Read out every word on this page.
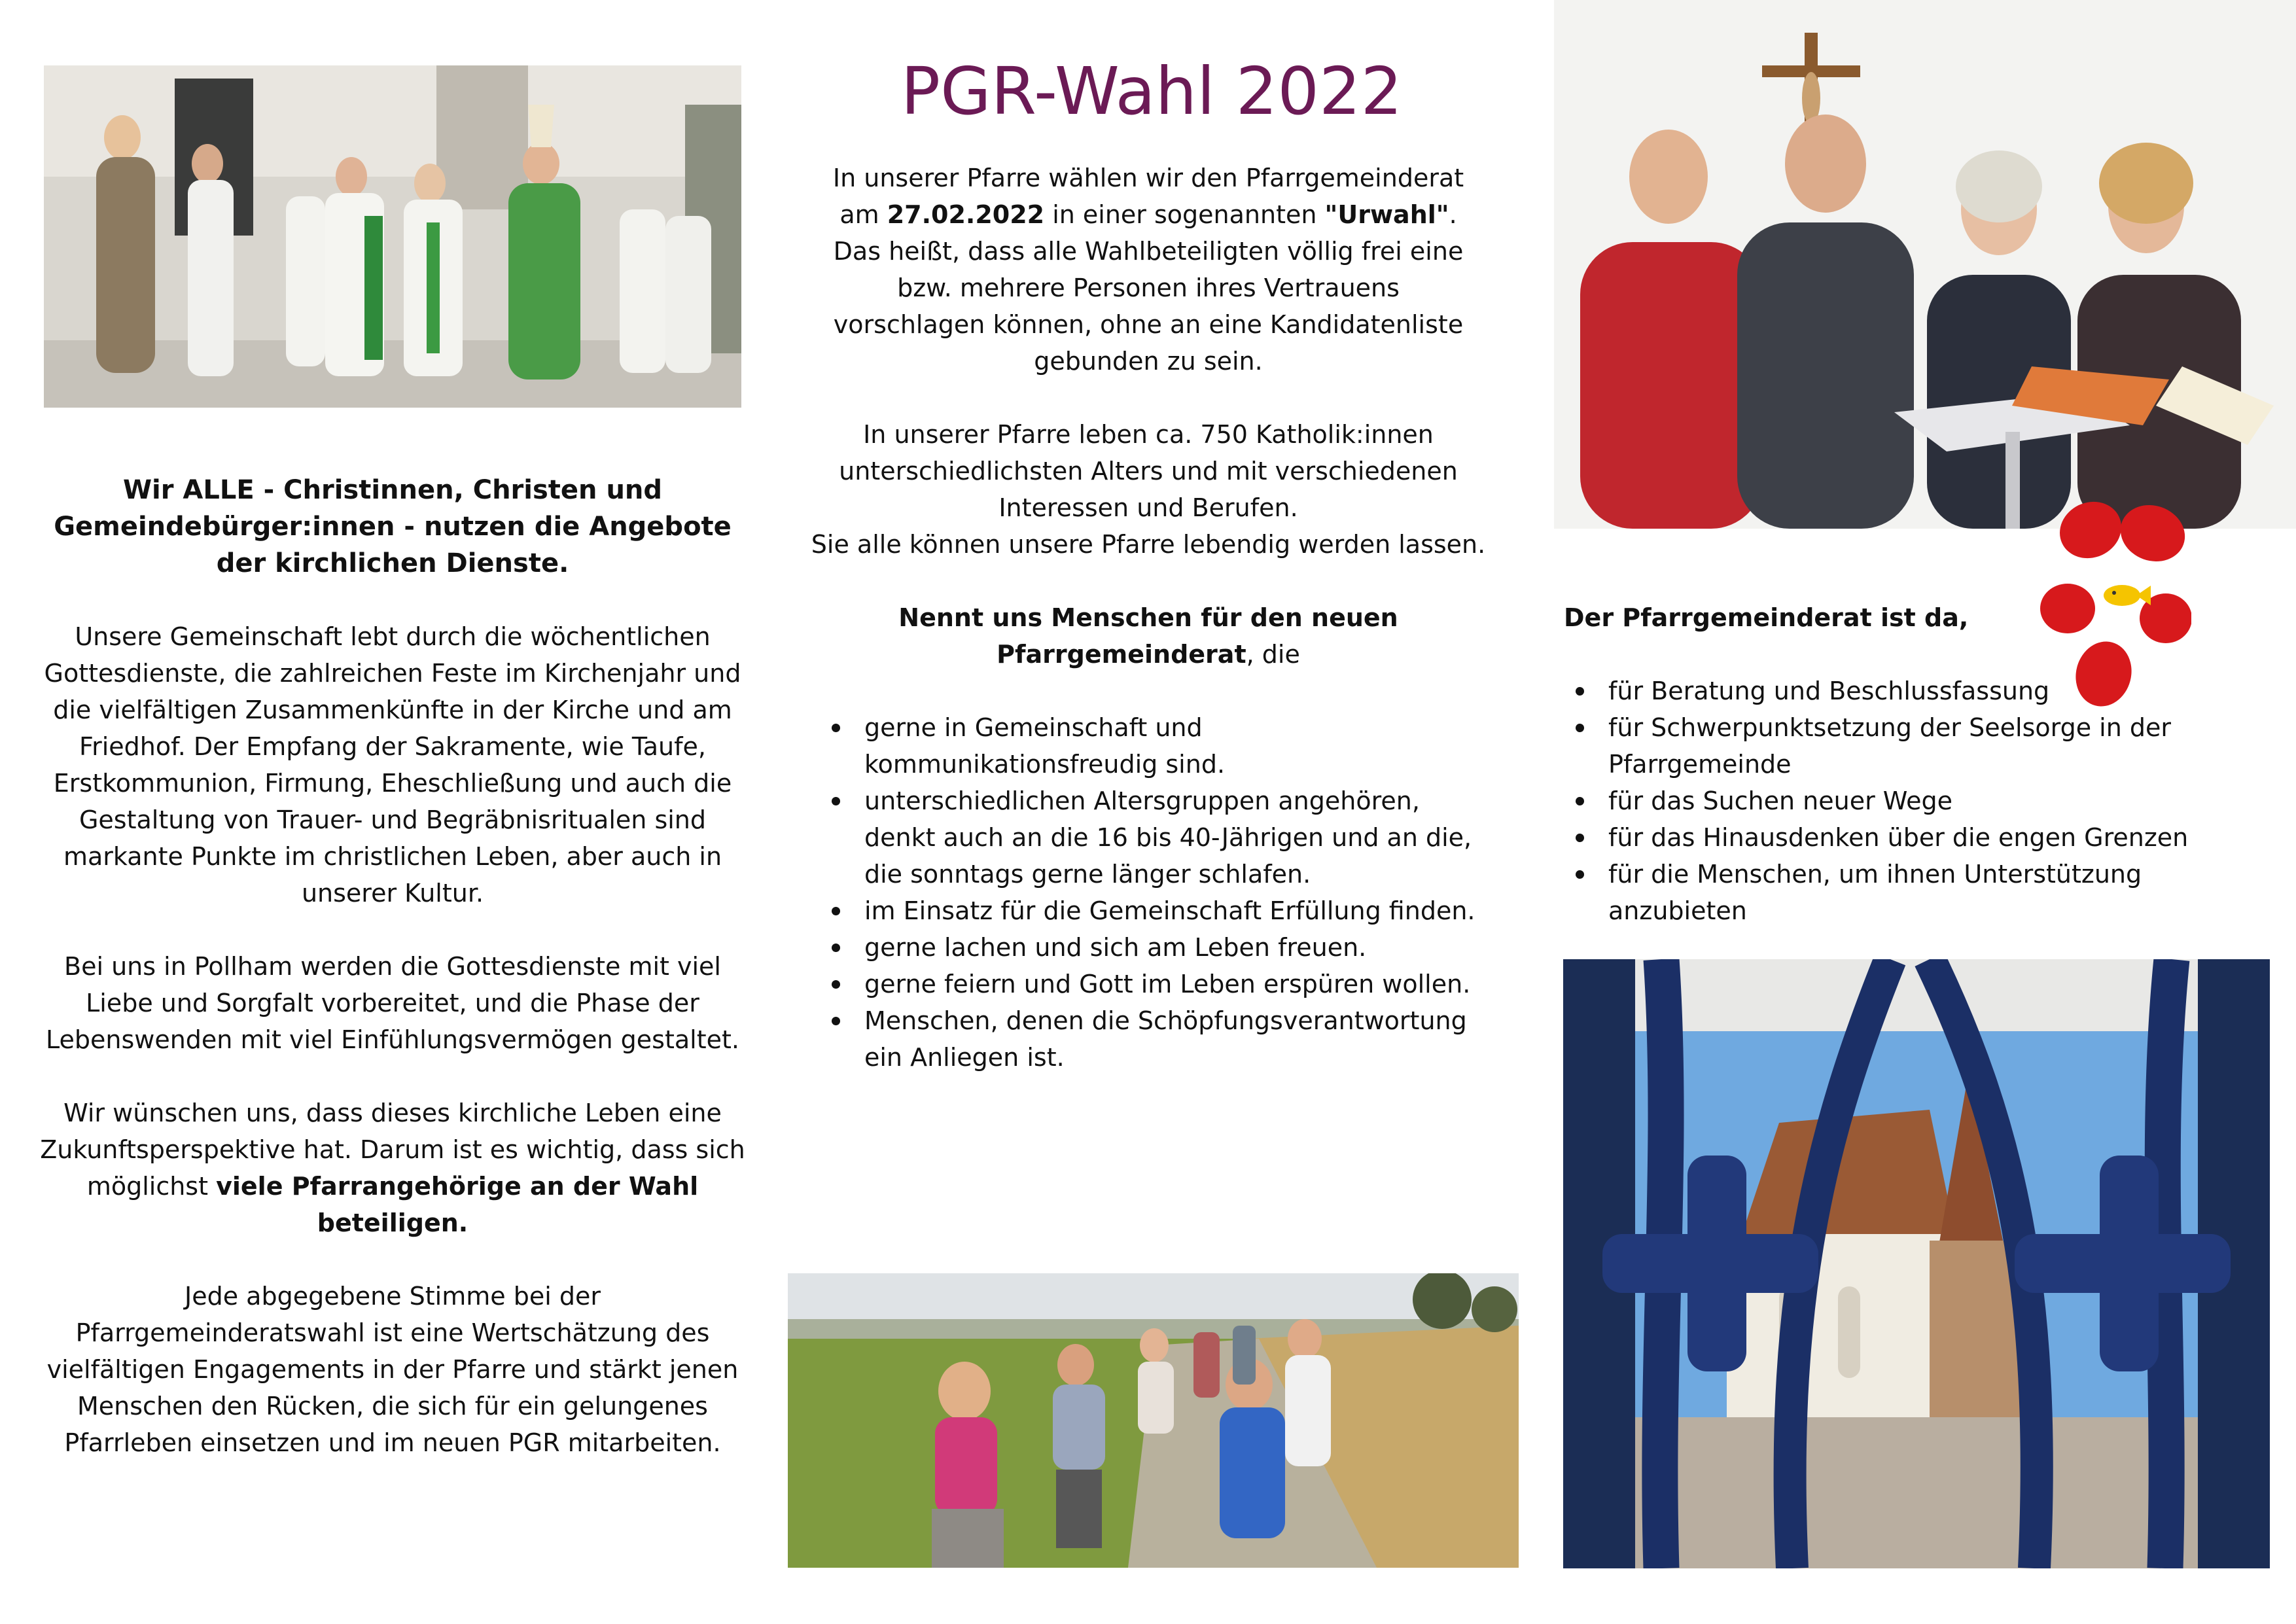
Wir ALLE - Christinnen, Christen und Gemeindebürger:innen - nutzen die Angebote der kirchlichen Dienste.

Unsere Gemeinschaft lebt durch die wöchentlichen Gottesdienste, die zahlreichen Feste im Kirchenjahr und die vielfältigen Zusammenkünfte in der Kirche und am Friedhof. Der Empfang der Sakramente, wie Taufe, Erstkommunion, Firmung, Eheschließung und auch die Gestaltung von Trauer- und Begräbnisritualen sind markante Punkte im christlichen Leben, aber auch in unserer Kultur.

Bei uns in Pollham werden die Gottesdienste mit viel Liebe und Sorgfalt vorbereitet, und die Phase der Lebenswenden mit viel Einfühlungsvermögen gestaltet.

Wir wünschen uns, dass dieses kirchliche Leben eine Zukunftsperspektive hat. Darum ist es wichtig, dass sich möglichst viele Pfarrangehörige an der Wahl beteiligen.

Jede abgegebene Stimme bei der Pfarrgemeinderatswahl ist eine Wertschätzung des vielfältigen Engagements in der Pfarre und stärkt jenen Menschen den Rücken, die sich für ein gelungenes Pfarrleben einsetzen und im neuen PGR mitarbeiten.

PGR-Wahl 2022

In unserer Pfarre wählen wir den Pfarrgemeinderat am 27.02.2022 in einer sogenannten "Urwahl". Das heißt, dass alle Wahlbeteiligten völlig frei eine bzw. mehrere Personen ihres Vertrauens vorschlagen können, ohne an eine Kandidatenliste gebunden zu sein.

In unserer Pfarre leben ca. 750 Katholik:innen unterschiedlichsten Alters und mit verschiedenen Interessen und Berufen.

Sie alle können unsere Pfarre lebendig werden lassen.

Nennt uns Menschen für den neuen Pfarrgemeinderat, die

gerne in Gemeinschaft und kommunikationsfreudig sind.
unterschiedlichen Altersgruppen angehören, denkt auch an die 16 bis 40-Jährigen und an die, die sonntags gerne länger schlafen.
im Einsatz für die Gemeinschaft Erfüllung finden.
gerne lachen und sich am Leben freuen.
gerne feiern und Gott im Leben erspüren wollen.
Menschen, denen die Schöpfungsverantwortung ein Anliegen ist.

Der Pfarrgemeinderat ist da,

für Beratung und Beschlussfassung
für Schwerpunktsetzung der Seelsorge in der Pfarrgemeinde
für das Suchen neuer Wege
für das Hinausdenken über die engen Grenzen
für die Menschen, um ihnen Unterstützung anzubieten
